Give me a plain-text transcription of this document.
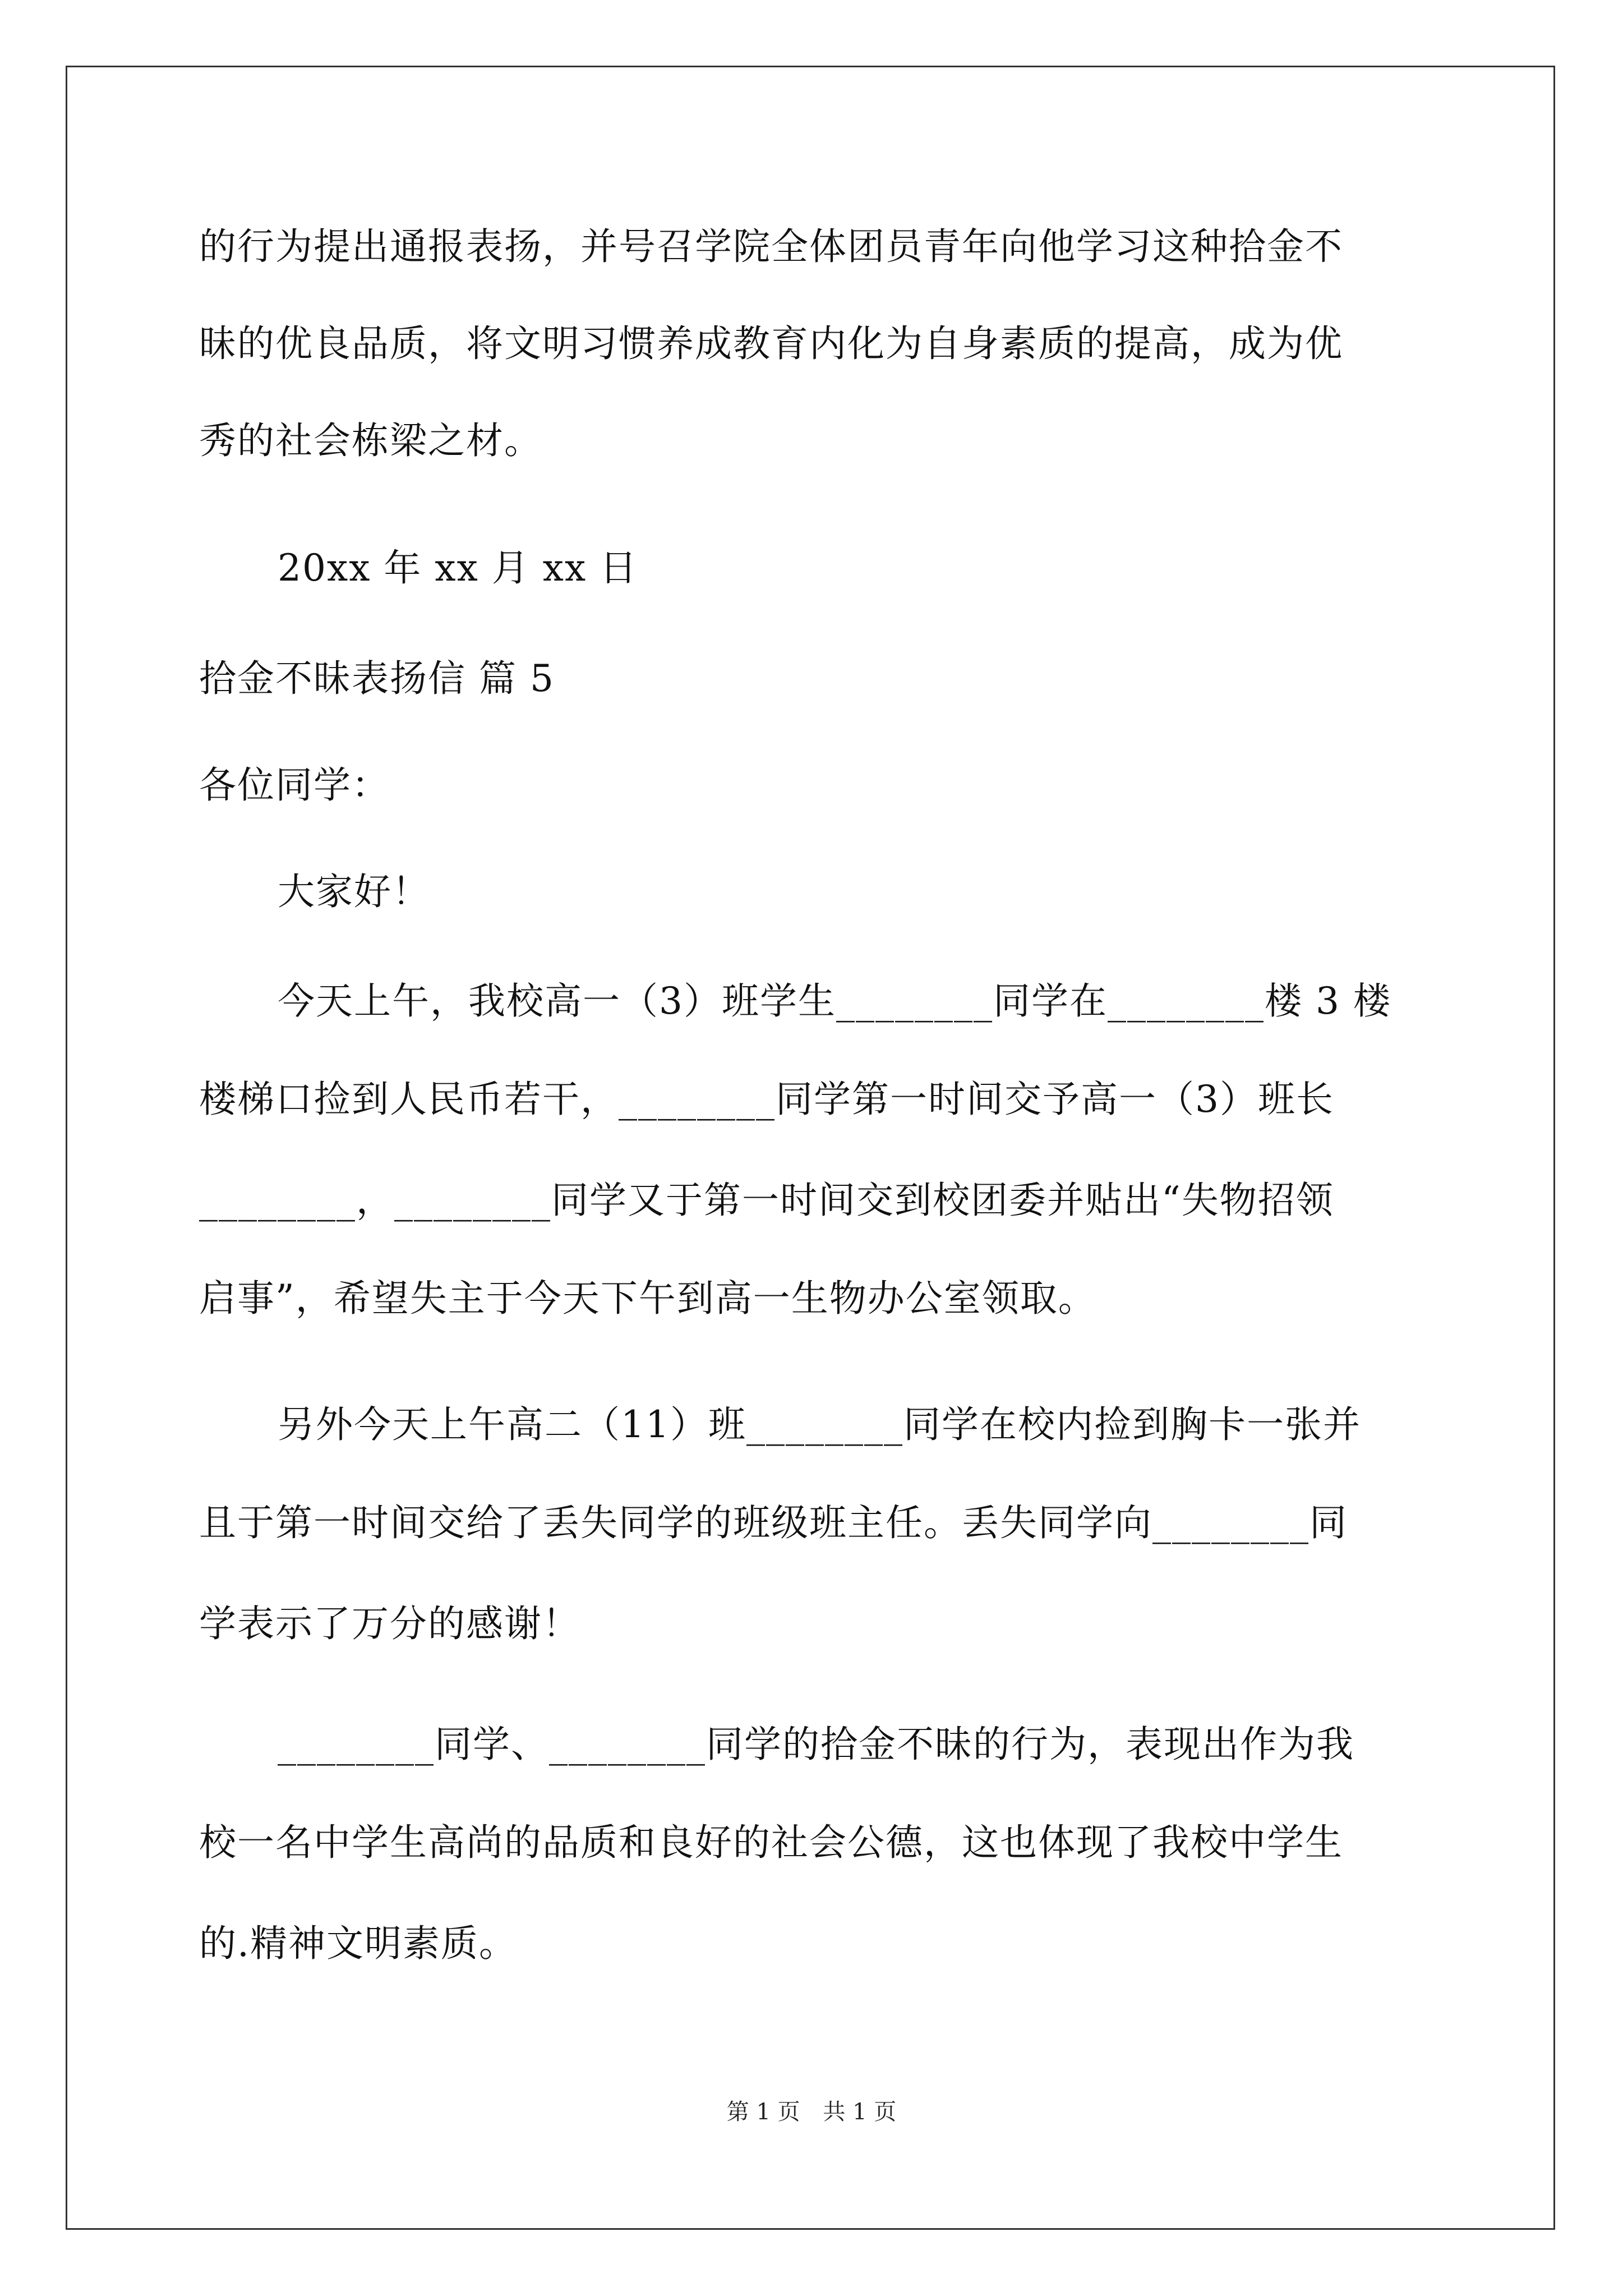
的行为提出通报表扬，并号召学院全体团员青年向他学习这种拾金不
昧的优良品质，将文明习惯养成教育内化为自身素质的提高，成为优
秀的社会栋梁之材。
20xx 年 xx 月 xx 日
拾金不昧表扬信 篇 5
各位同学：
大家好！
今天上午，我校高一（3）班学生________同学在________楼 3 楼
楼梯口捡到人民币若干，________同学第一时间交予高一（3）班长
________，________同学又于第一时间交到校团委并贴出“失物招领
启事”，希望失主于今天下午到高一生物办公室领取。
另外今天上午高二（11）班________同学在校内捡到胸卡一张并
且于第一时间交给了丢失同学的班级班主任。丢失同学向________同
学表示了万分的感谢！
________同学、________同学的拾金不昧的行为，表现出作为我
校一名中学生高尚的品质和良好的社会公德，这也体现了我校中学生
的.精神文明素质。
第 1 页 共 1 页
